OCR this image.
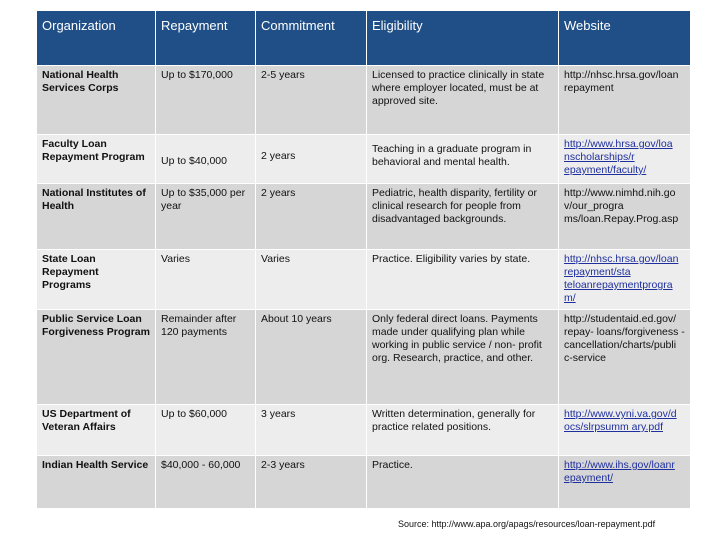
Organization	Repayment	Commitment	Eligibility	Website
National Health Services Corps	Up to $170,000	2-5 years	Licensed to practice clinically in state where employer located, must be at approved site.	http://nhsc.hrsa.gov/loan repayment
Faculty Loan Repayment Program	Up to $40,000	2 years	Teaching in a graduate program in behavioral and mental health.	http://www.hrsa.gov/loa nscholarships/r epayment/faculty/
National Institutes of Health	Up to $35,000 per year	2 years	Pediatric, health disparity, fertility or clinical research for people from disadvantaged backgrounds.	http://www.nimhd.nih.go v/our_progra ms/loan.Repay.Prog.asp
State Loan Repayment Programs	Varies	Varies	Practice. Eligibility varies by state.	http://nhsc.hrsa.gov/loan repayment/sta teloanrepaymentprogra m/
Public Service Loan Forgiveness Program	Remainder after 120 payments	About 10 years	Only federal direct loans. Payments made under qualifying plan while working in public service / non- profit org. Research, practice, and other.	http://studentaid.ed.gov/ repay- loans/forgiveness - cancellation/charts/publi c-service
US Department of Veteran Affairs	Up to $60,000	3 years	Written determination, generally for practice related positions.	http://www.vyni.va.gov/d ocs/slrpsumm ary.pdf
Indian Health Service	$40,000 - 60,000	2-3 years	Practice.	http://www.ihs.gov/loanr epayment/
Source: http://www.apa.org/apags/resources/loan-repayment.pdf
